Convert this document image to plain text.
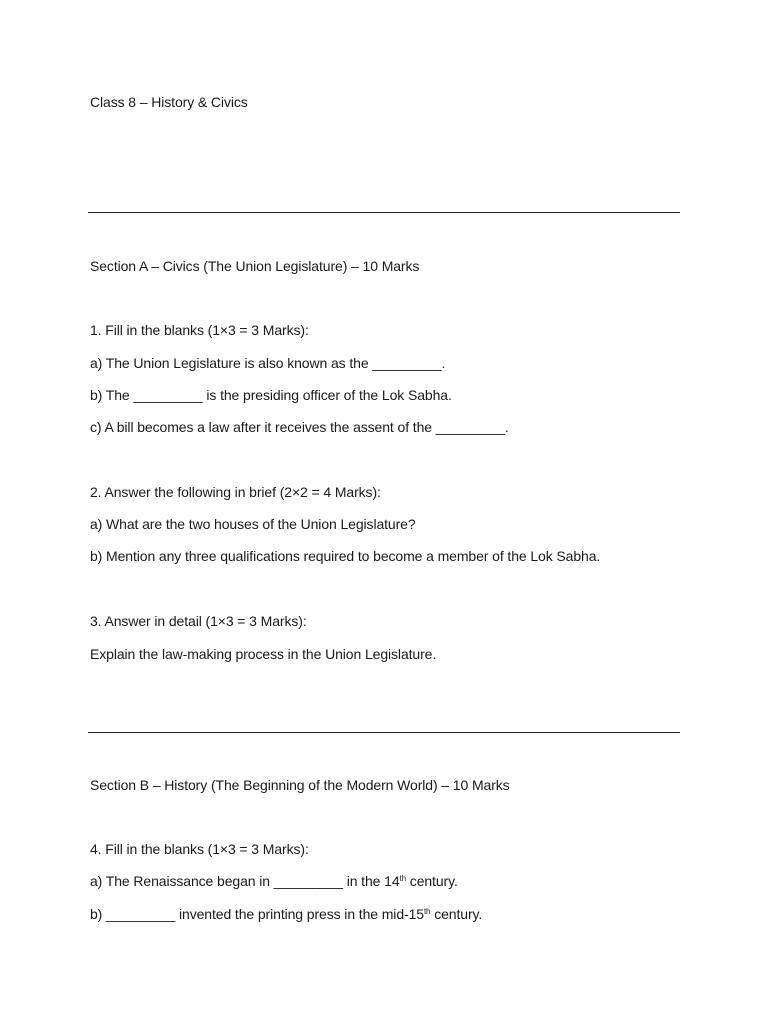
Class 8 – History & Civics
Section A – Civics (The Union Legislature) – 10 Marks
1. Fill in the blanks (1×3 = 3 Marks):
a) The Union Legislature is also known as the _________.
b) The _________ is the presiding officer of the Lok Sabha.
c) A bill becomes a law after it receives the assent of the _________.
2. Answer the following in brief (2×2 = 4 Marks):
a) What are the two houses of the Union Legislature?
b) Mention any three qualifications required to become a member of the Lok Sabha.
3. Answer in detail (1×3 = 3 Marks):
Explain the law-making process in the Union Legislature.
Section B – History (The Beginning of the Modern World) – 10 Marks
4. Fill in the blanks (1×3 = 3 Marks):
a) The Renaissance began in _________ in the 14th century.
b) _________ invented the printing press in the mid-15th century.
